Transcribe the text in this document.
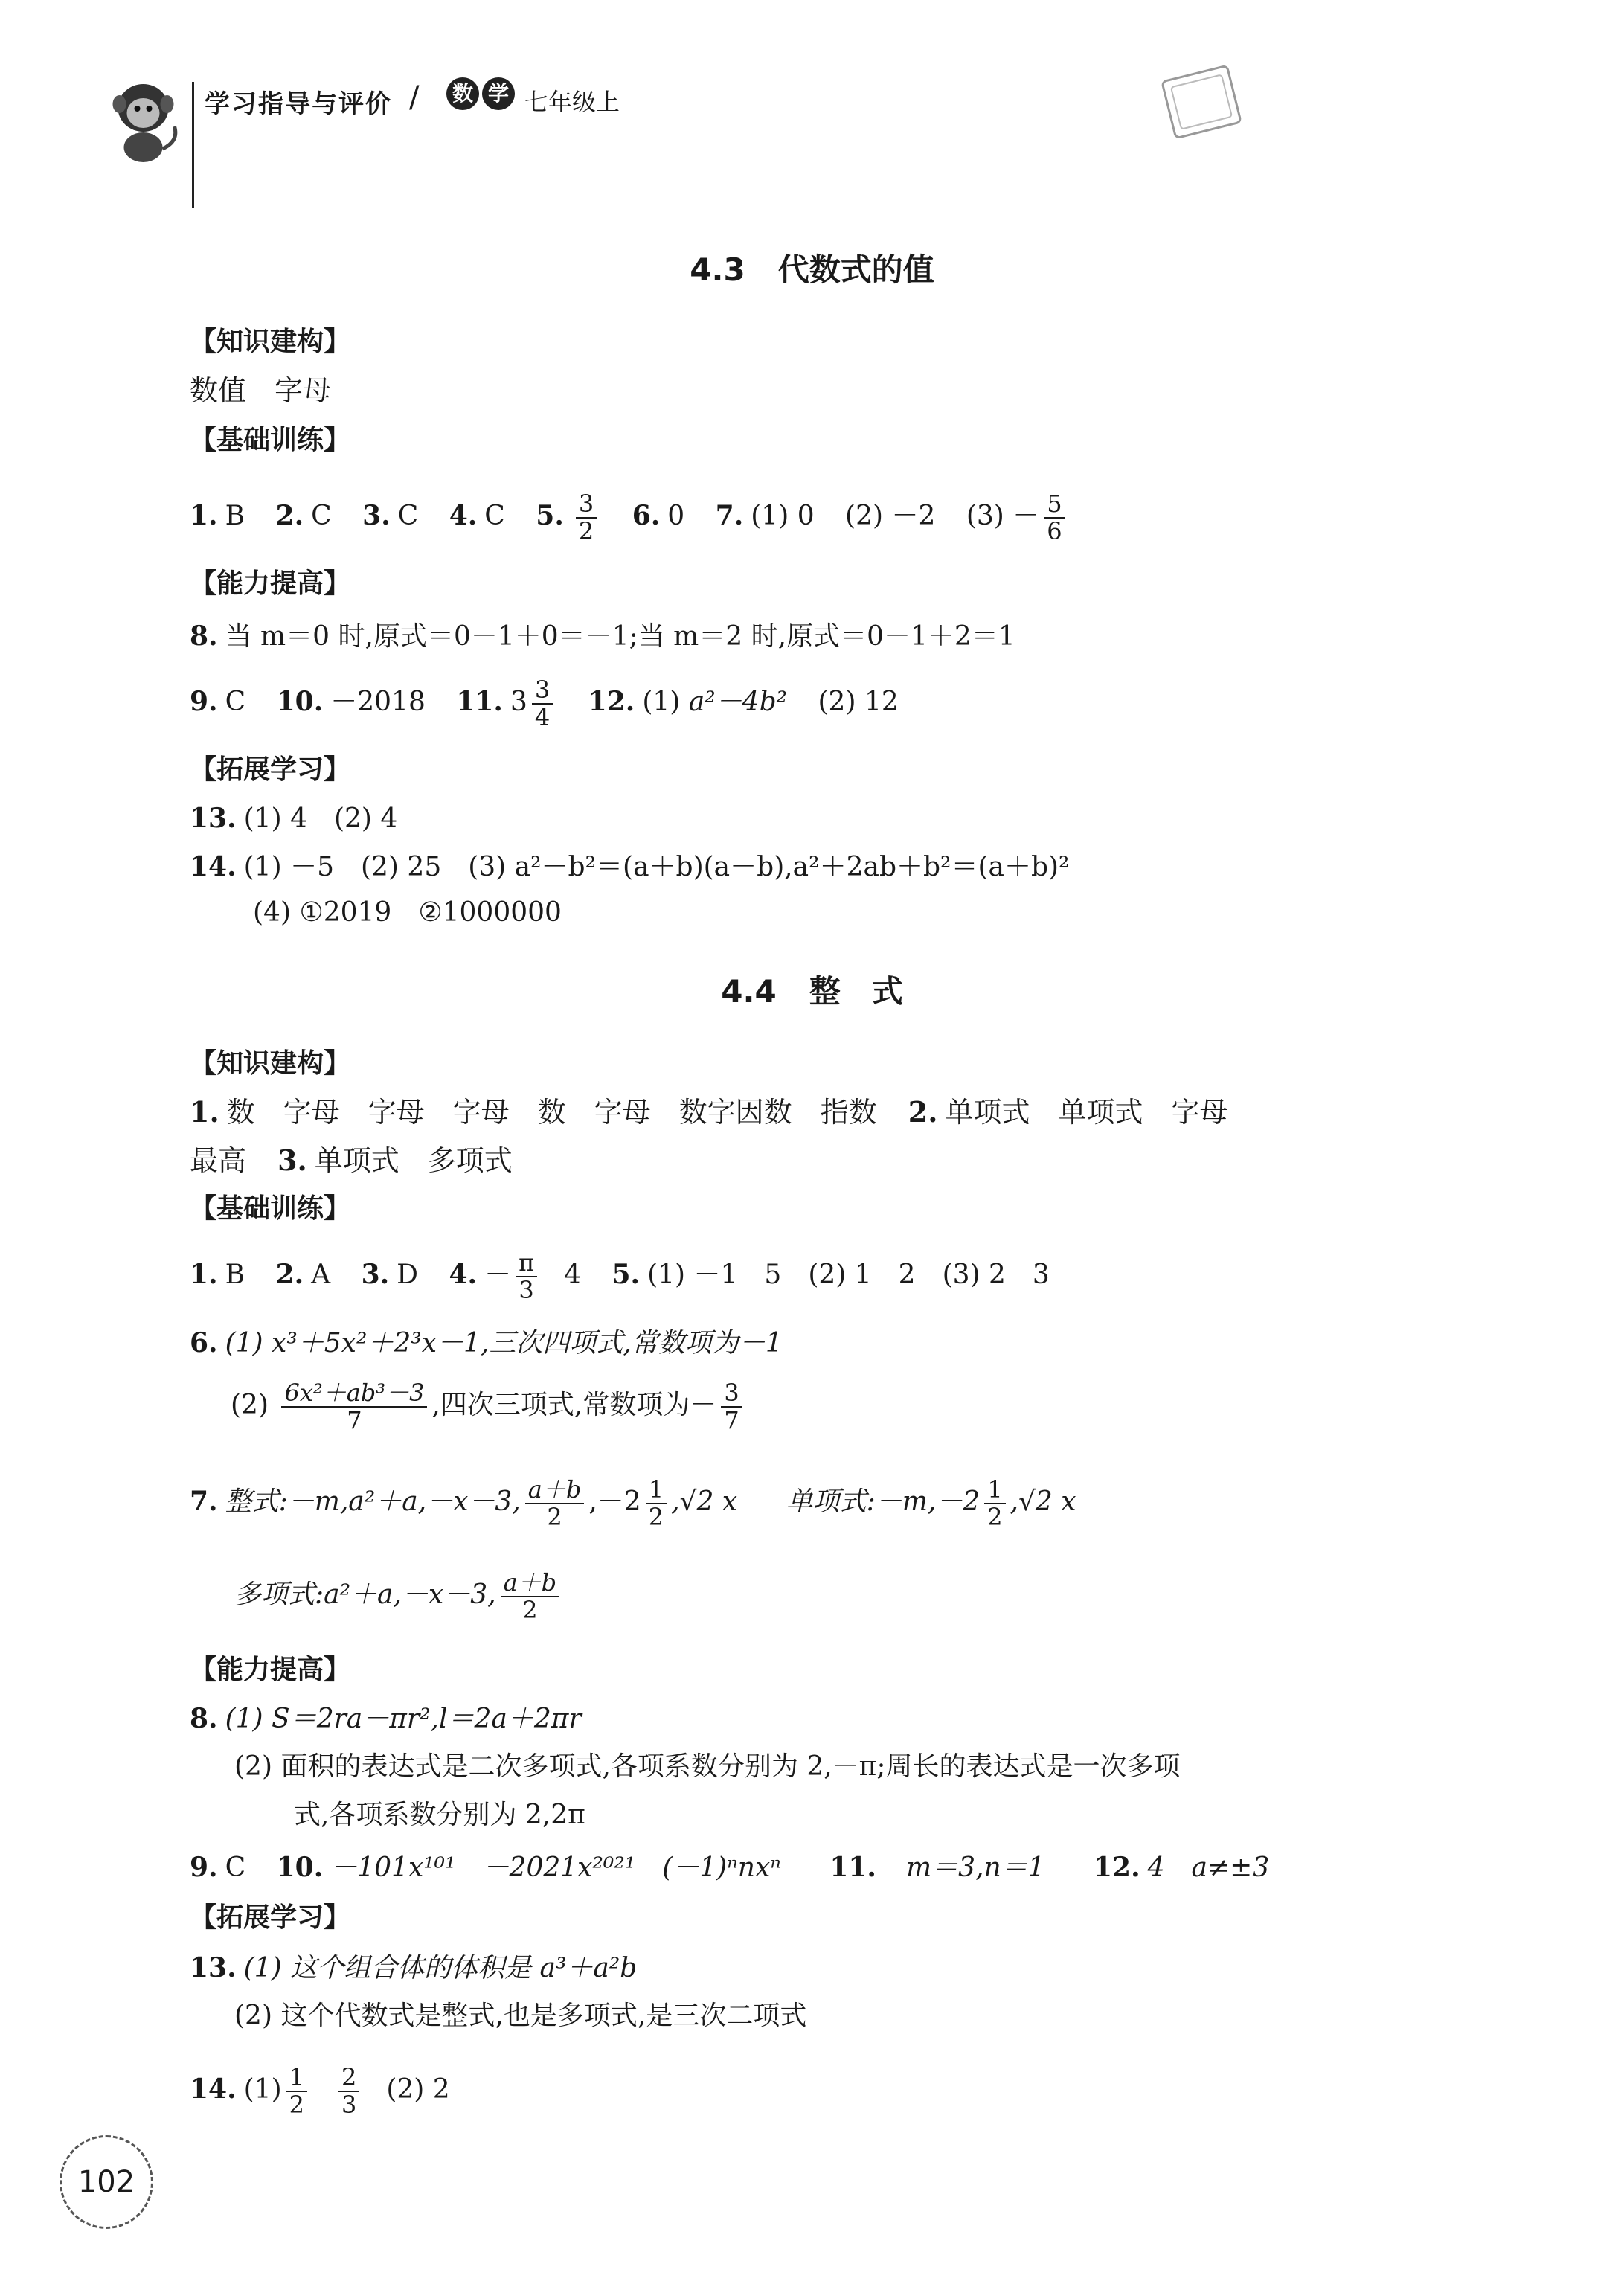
学习指导与评价 / 数 学 七年级上
4.3 代数式的值
【知识建构】
数值　字母
【基础训练】
1. B 2. C 3. C 4. C 5. $\frac{3}{2} 6$. 0 7. (1) 0 (2) －2 $(3) - \frac{5}{6}$
【能力提高】
8. 当 m＝0 时,原式＝0－1＋0＝－1;当 m＝2 时,原式＝0－1＋2＝1
9. C 10. －2018 11. $3 \frac{3}{4} 12$. (1) a²－4b² (2) 12
【拓展学习】
13. (1) 4　(2) 4
14. (1) －5　(2) 25　(3) a²－b²＝(a＋b)(a－b),a²＋2ab＋b²＝(a＋b)²
(4) ①2019　②1000000
4.4 整　式
【知识建构】
1. 数　字母　字母　字母　数　字母　数字因数　指数 2. 单项式　单项式　字母
最高 3. 单项式　多项式
【基础训练】
1. B 2. A 3. D 4. － $\frac{\pi}{3} 4$ 5. (1) －1　5　(2) 1　2　(3) 2　3
6. (1) x³＋5x²＋2³x－1,三次四项式,常数项为－1
$(2) \frac{\text{6x²＋ab³－3}}{7}$ ,四次三项式,常数项为－ $\frac{3}{7}$
7. 整式:－m,a²＋a,－x－3, $\frac{a+b}{2} ,-2 \frac{1}{2} ,√2$ x 单项式:－m,－2 $\frac{1}{2} ,√2$ x
多项式:a²＋a,－x－3, $\frac{a+b}{2}$
【能力提高】
8. (1) S＝2ra－πr²,l＝2a＋2πr
(2) 面积的表达式是二次多项式,各项系数分别为 2,－π;周长的表达式是一次多项
式,各项系数分别为 2,2π
9. C 10. －101x¹⁰¹　－2021x²⁰²¹　(－1)ⁿnxⁿ 11. m＝3,n＝1 12. 4　a≠±3
【拓展学习】
13. (1) 这个组合体的体积是 a³＋a²b
(2) 这个代数式是整式,也是多项式,是三次二项式
14. $(1) \frac{1}{2} \frac{2}{3} (2)$ 2
102
